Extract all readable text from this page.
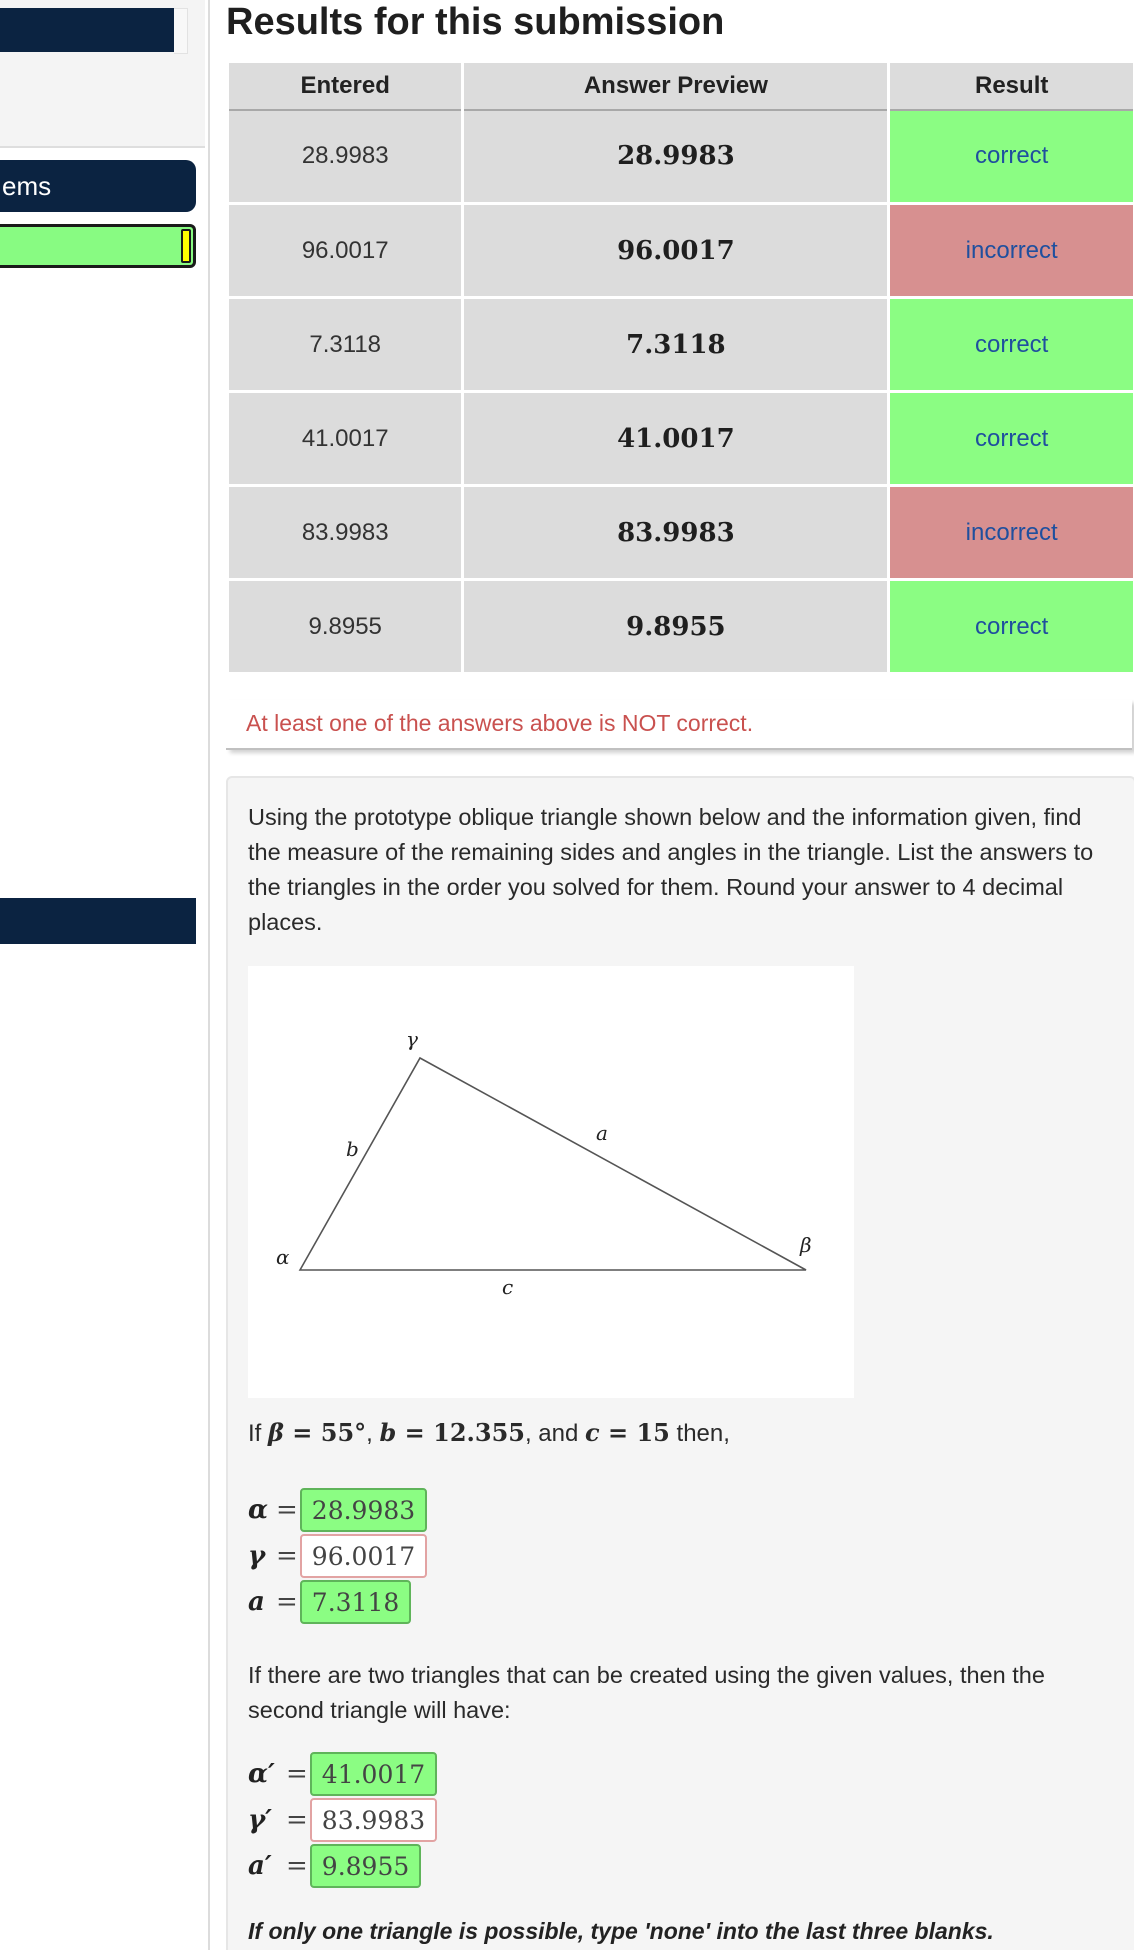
ems
Results for this submission
Entered	Answer Preview	Result
28.9983	28.9983	correct
96.0017	96.0017	incorrect
7.3118	7.3118	correct
41.0017	41.0017	correct
83.9983	83.9983	incorrect
9.8955	9.8955	correct
At least one of the answers above is NOT correct.
Using the prototype oblique triangle shown below and the information given, find the measure of the remaining sides and angles in the triangle. List the answers to the triangles in the order you solved for them. Round your answer to 4 decimal places.
γ
b
a
α	β
c
If β = 55°, b = 12.355, and c = 15 then,
α = 28.9983
γ = 96.0017
a = 7.3118
If there are two triangles that can be created using the given values, then the second triangle will have:
α′ = 41.0017
γ′ = 83.9983
a′ = 9.8955
If only one triangle is possible, type 'none' into the last three blanks.
